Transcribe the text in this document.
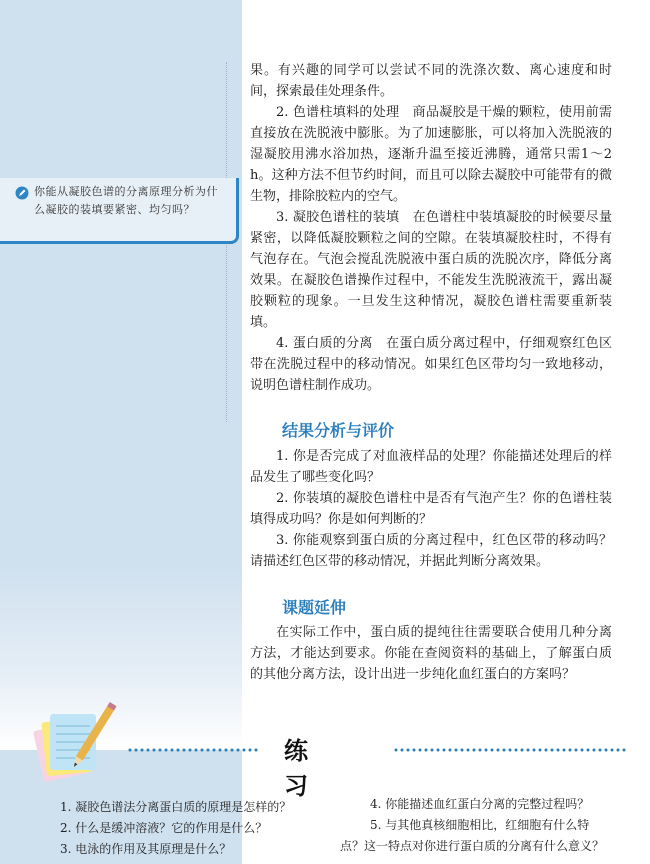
你能从凝胶色谱的分离原理分析为什么凝胶的装填要紧密、均匀吗？

果。有兴趣的同学可以尝试不同的洗涤次数、离心速度和时间，探索最佳处理条件。

2. 色谱柱填料的处理　 商品凝胶是干燥的颗粒，使用前需直接放在洗脱液中膨胀。为了加速膨胀，可以将加入洗脱液的湿凝胶用沸水浴加热，逐渐升温至接近沸腾，通常只需1～2 h。这种方法不但节约时间，而且可以除去凝胶中可能带有的微生物，排除胶粒内的空气。

3. 凝胶色谱柱的装填　 在色谱柱中装填凝胶的时候要尽量紧密，以降低凝胶颗粒之间的空隙。在装填凝胶柱时，不得有气泡存在。气泡会搅乱洗脱液中蛋白质的洗脱次序，降低分离效果。在凝胶色谱操作过程中，不能发生洗脱液流干，露出凝胶颗粒的现象。一旦发生这种情况，凝胶色谱柱需要重新装填。

4. 蛋白质的分离　 在蛋白质分离过程中，仔细观察红色区带在洗脱过程中的移动情况。如果红色区带均匀一致地移动，说明色谱柱制作成功。

结果分析与评价

1. 你是否完成了对血液样品的处理？你能描述处理后的样品发生了哪些变化吗？

2. 你装填的凝胶色谱柱中是否有气泡产生？你的色谱柱装填得成功吗？你是如何判断的？

3. 你能观察到蛋白质的分离过程中，红色区带的移动吗？请描述红色区带的移动情况，并据此判断分离效果。

课题延伸

在实际工作中，蛋白质的提纯往往需要联合使用几种分离方法，才能达到要求。你能在查阅资料的基础上，了解蛋白质的其他分离方法，设计出进一步纯化血红蛋白的方案吗？

练习
1. 凝胶色谱法分离蛋白质的原理是怎样的？
2. 什么是缓冲溶液？它的作用是什么？
3. 电泳的作用及其原理是什么？
4. 你能描述血红蛋白分离的完整过程吗？
5. 与其他真核细胞相比，红细胞有什么特
点？这一特点对你进行蛋白质的分离有什么意义？
